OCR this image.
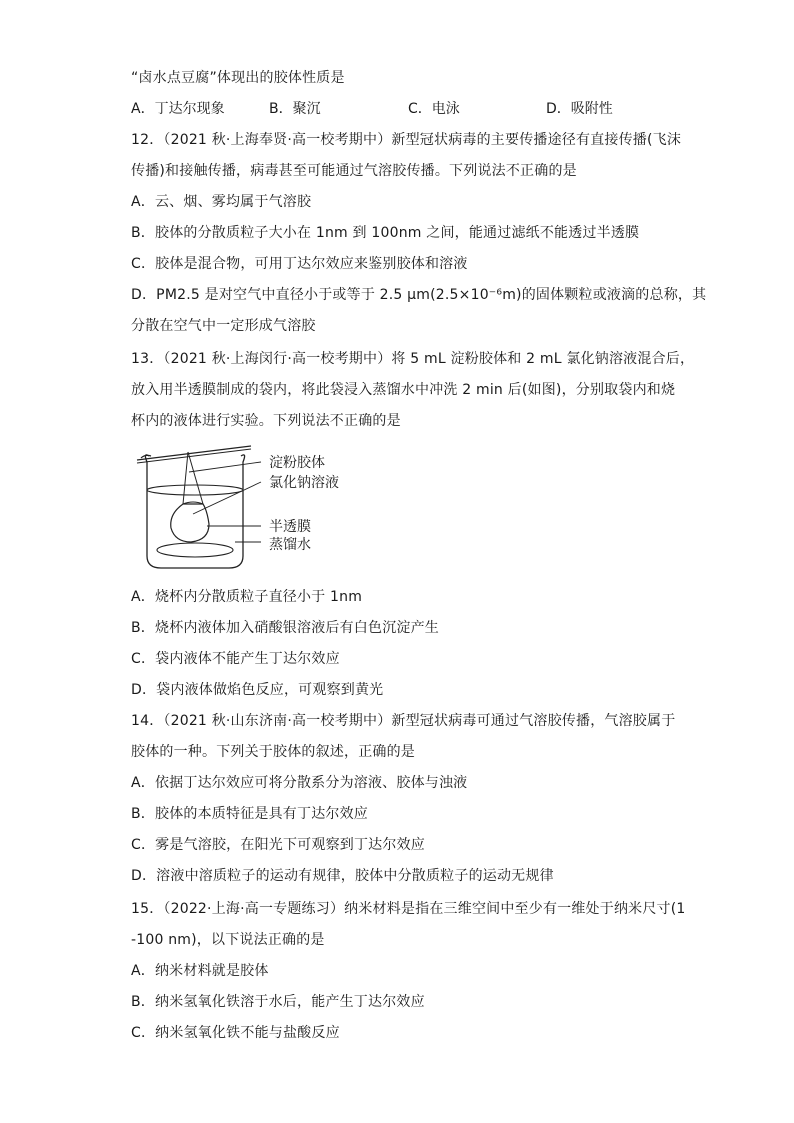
“卤水点豆腐”体现出的胶体性质是
A．丁达尔现象	B．聚沉	C．电泳	D．吸附性
12．（2021 秋·上海奉贤·高一校考期中）新型冠状病毒的主要传播途径有直接传播(飞沫
传播)和接触传播，病毒甚至可能通过气溶胶传播。下列说法不正确的是
A．云、烟、雾均属于气溶胶
B．胶体的分散质粒子大小在 1nm 到 100nm 之间，能通过滤纸不能透过半透膜
C．胶体是混合物，可用丁达尔效应来鉴别胶体和溶液
D．PM2.5 是对空气中直径小于或等于 2.5 μm(2.5×10⁻⁶m)的固体颗粒或液滴的总称，其
分散在空气中一定形成气溶胶
13．（2021 秋·上海闵行·高一校考期中）将 5 mL 淀粉胶体和 2 mL 氯化钠溶液混合后，
放入用半透膜制成的袋内，将此袋浸入蒸馏水中冲洗 2 min 后(如图)，分别取袋内和烧
杯内的液体进行实验。下列说法不正确的是
淀粉胶体
氯化钠溶液
半透膜
蒸馏水
A．烧杯内分散质粒子直径小于 1nm
B．烧杯内液体加入硝酸银溶液后有白色沉淀产生
C．袋内液体不能产生丁达尔效应
D．袋内液体做焰色反应，可观察到黄光
14．（2021 秋·山东济南·高一校考期中）新型冠状病毒可通过气溶胶传播，气溶胶属于
胶体的一种。下列关于胶体的叙述，正确的是
A．依据丁达尔效应可将分散系分为溶液、胶体与浊液
B．胶体的本质特征是具有丁达尔效应
C．雾是气溶胶，在阳光下可观察到丁达尔效应
D．溶液中溶质粒子的运动有规律，胶体中分散质粒子的运动无规律
15．（2022·上海·高一专题练习）纳米材料是指在三维空间中至少有一维处于纳米尺寸(1
-100 nm)，以下说法正确的是
A．纳米材料就是胶体
B．纳米氢氧化铁溶于水后，能产生丁达尔效应
C．纳米氢氧化铁不能与盐酸反应
